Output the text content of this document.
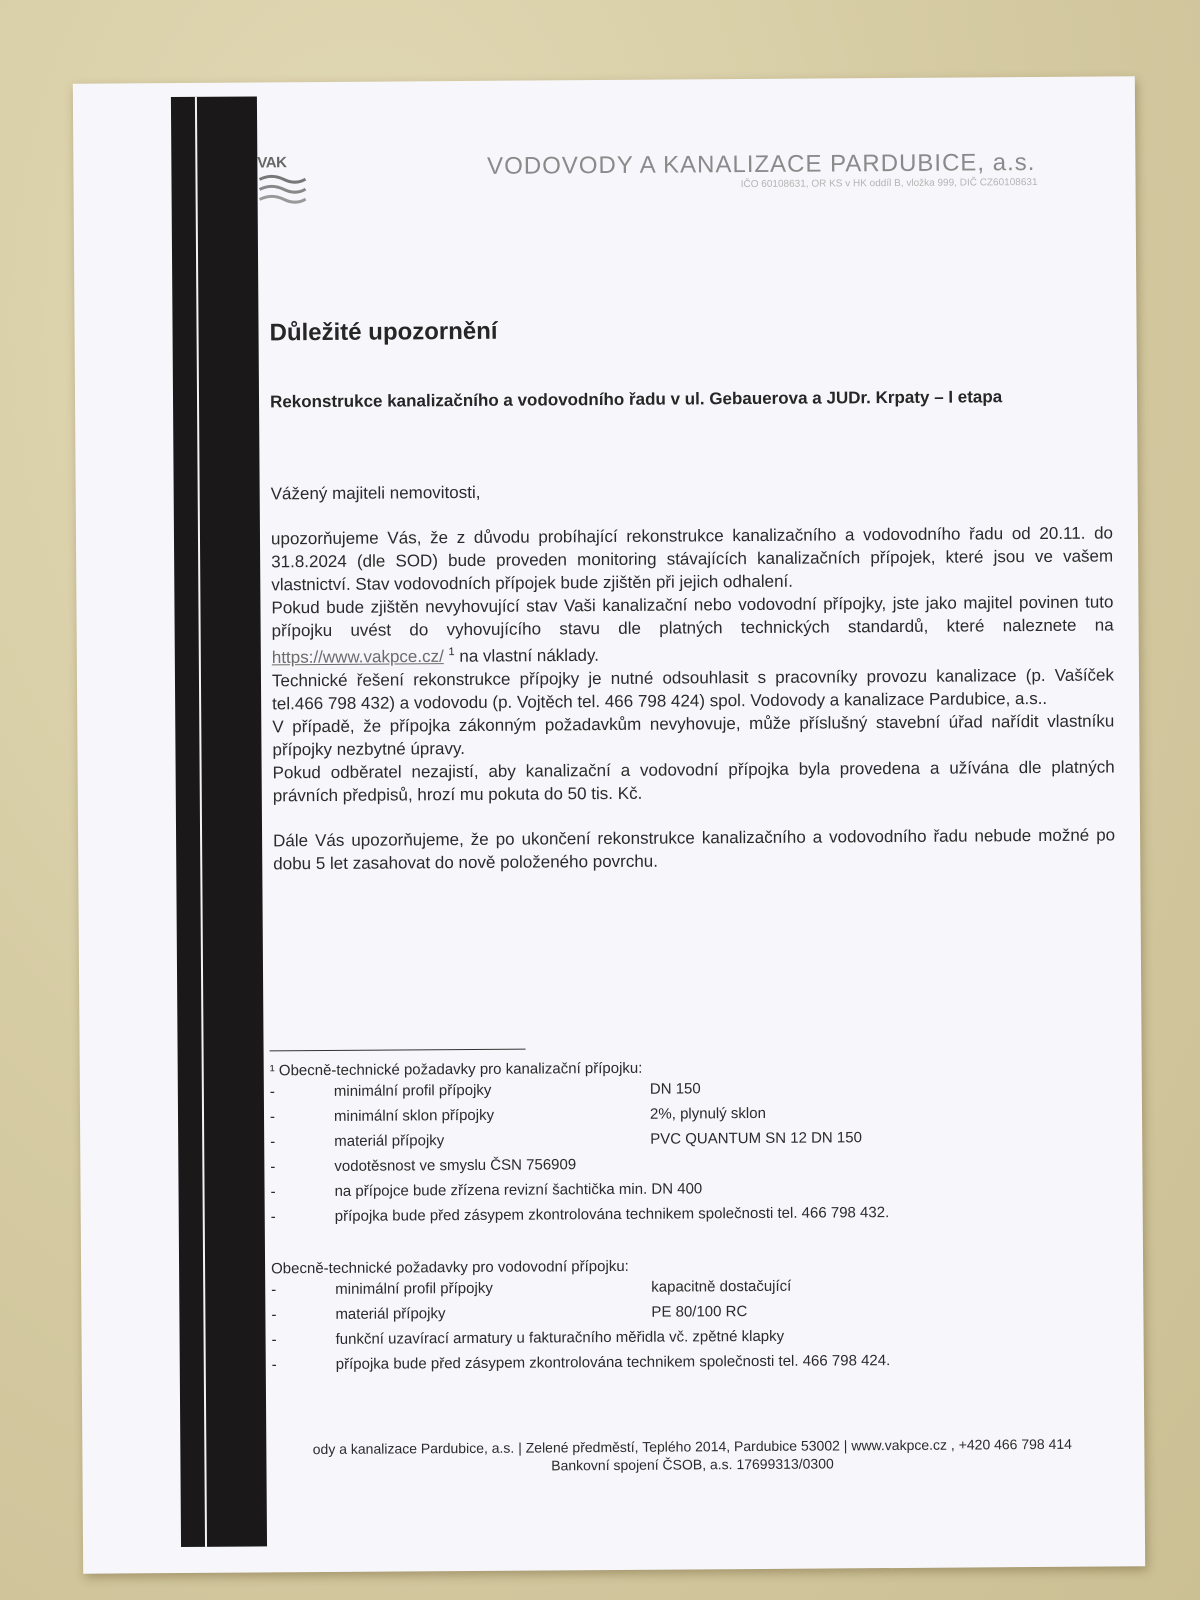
VAK	VODOVODY A KANALIZACE PARDUBICE, a.s.
IČO 60108631, OR KS v HK oddíl B, vložka 999, DIČ CZ60108631
Důležité upozornění
Rekonstrukce kanalizačního a vodovodního řadu v ul. Gebauerova a JUDr. Krpaty – I etapa

Vážený majiteli nemovitosti,

upozorňujeme Vás, že z důvodu probíhající rekonstrukce kanalizačního a vodovodního řadu od 20.11. do 31.8.2024 (dle SOD) bude proveden monitoring stávajících kanalizačních přípojek, které jsou ve vašem vlastnictví. Stav vodovodních přípojek bude zjištěn při jejich odhalení.

Pokud bude zjištěn nevyhovující stav Vaši kanalizační nebo vodovodní přípojky, jste jako majitel povinen tuto přípojku uvést do vyhovujícího stavu dle platných technických standardů, které naleznete na https://www.vakpce.cz/ $^1$ na vlastní náklady.

Technické řešení rekonstrukce přípojky je nutné odsouhlasit s pracovníky provozu kanalizace (p. Vašíček tel.466 798 432) a vodovodu (p. Vojtěch tel. 466 798 424) spol. Vodovody a kanalizace Pardubice, a.s..

V případě, že přípojka zákonným požadavkům nevyhovuje, může příslušný stavební úřad nařídit vlastníku přípojky nezbytné úpravy.

Pokud odběratel nezajistí, aby kanalizační a vodovodní přípojka byla provedena a užívána dle platných právních předpisů, hrozí mu pokuta do 50 tis. Kč.

Dále Vás upozorňujeme, že po ukončení rekonstrukce kanalizačního a vodovodního řadu nebude možné po dobu 5 let zasahovat do nově položeného povrchu.

¹ Obecně-technické požadavky pro kanalizační přípojku:
-	minimální profil přípojky	DN 150
-	minimální sklon přípojky	2%, plynulý sklon
-	materiál přípojky	PVC QUANTUM SN 12 DN 150
-	vodotěsnost ve smyslu ČSN 756909
-	na přípojce bude zřízena revizní šachtička min. DN 400
-	přípojka bude před zásypem zkontrolována technikem společnosti tel. 466 798 432.
Obecně-technické požadavky pro vodovodní přípojku:
-	minimální profil přípojky	kapacitně dostačující
-	materiál přípojky	PE 80/100 RC
-	funkční uzavírací armatury u fakturačního měřidla vč. zpětné klapky
-	přípojka bude před zásypem zkontrolována technikem společnosti tel. 466 798 424.
ody a kanalizace Pardubice, a.s. | Zelené předměstí, Teplého 2014, Pardubice 53002 | www.vakpce.cz , +420 466 798 414
Bankovní spojení ČSOB, a.s. 17699313/0300
